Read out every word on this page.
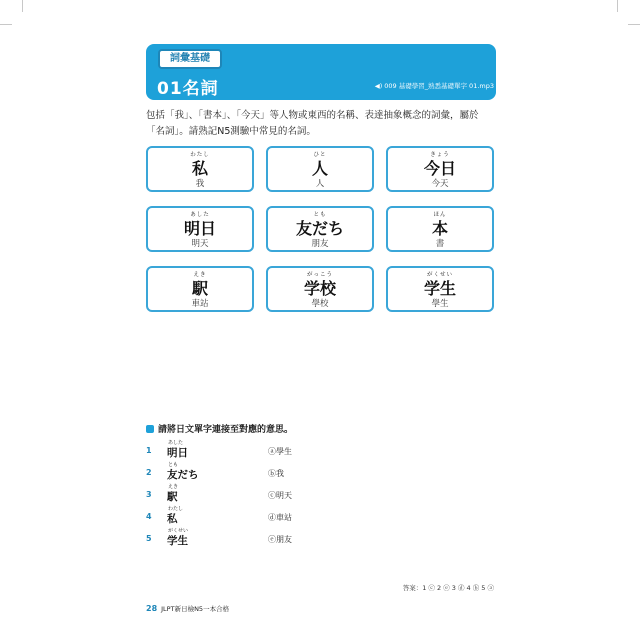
詞彙基礎
01名詞	◀) 009 基礎學習_熟悉基礎單字 01.mp3
包括「我」、「書本」、「今天」等人物或東西的名稱、表達抽象概念的詞彙，屬於「名詞」。請熟記N5測驗中常見的名詞。
わたし
私
我
ひと
人
人
きょう
今日
今天
あした
明日
明天
とも
友だち
朋友
ほん
本
書
えき
駅
車站
がっこう
学校
學校
がくせい
学生
學生
請將日文單字連接至對應的意思。
1
あした
明日	ⓐ學生
2
とも
友だち	ⓑ我
3
えき
駅	ⓒ明天
4
わたし
私	ⓓ車站
5
がくせい
学生	ⓔ朋友
答案：1 ⓒ 2 ⓔ 3 ⓓ 4 ⓑ 5 ⓐ
28 JLPT新日檢N5一本合格
